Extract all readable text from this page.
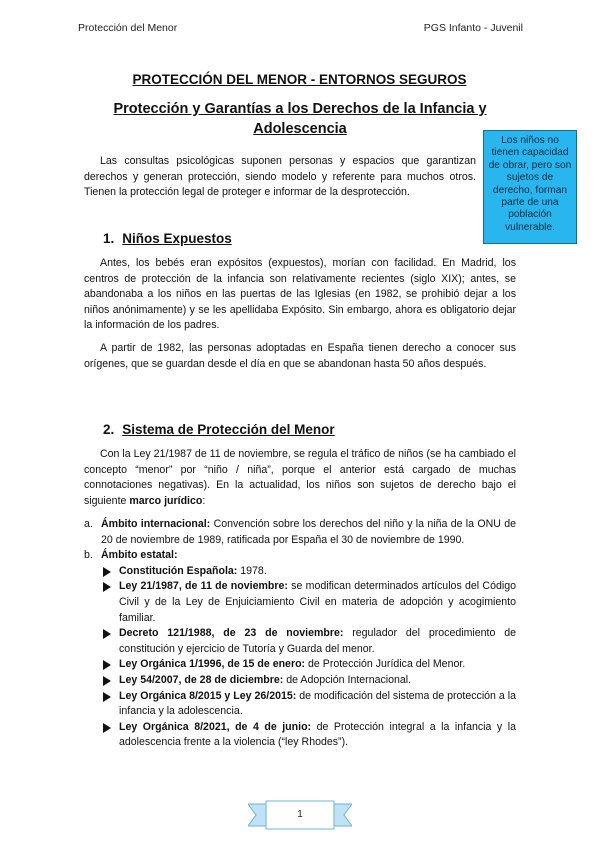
Protección del Menor	PGS Infanto - Juvenil
PROTECCIÓN DEL MENOR - ENTORNOS SEGUROS
Protección y Garantías a los Derechos de la Infancia y Adolescencia
Los niños no tienen capacidad de obrar, pero son sujetos de derecho, forman parte de una población vulnerable.
Las consultas psicológicas suponen personas y espacios que garantizan derechos y generan protección, siendo modelo y referente para muchos otros. Tienen la protección legal de proteger e informar de la desprotección.
1. Niños Expuestos
Antes, los bebés eran expósitos (expuestos), morían con facilidad. En Madrid, los centros de protección de la infancia son relativamente recientes (siglo XIX); antes, se abandonaba a los niños en las puertas de las Iglesias (en 1982, se prohibió dejar a los niños anónimamente) y se les apellidaba Expósito. Sin embargo, ahora es obligatorio dejar la información de los padres.
A partir de 1982, las personas adoptadas en España tienen derecho a conocer sus orígenes, que se guardan desde el día en que se abandonan hasta 50 años después.
2. Sistema de Protección del Menor
Con la Ley 21/1987 de 11 de noviembre, se regula el tráfico de niños (se ha cambiado el concepto “menor” por “niño / niña”, porque el anterior está cargado de muchas connotaciones negativas). En la actualidad, los niños son sujetos de derecho bajo el siguiente marco jurídico:
a. Ámbito internacional: Convención sobre los derechos del niño y la niña de la ONU de 20 de noviembre de 1989, ratificada por España el 30 de noviembre de 1990.
b. Ámbito estatal:
Constitución Española: 1978.
Ley 21/1987, de 11 de noviembre: se modifican determinados artículos del Código Civil y de la Ley de Enjuiciamiento Civil en materia de adopción y acogimiento familiar.
Decreto 121/1988, de 23 de noviembre: regulador del procedimiento de constitución y ejercicio de Tutoría y Guarda del menor.
Ley Orgánica 1/1996, de 15 de enero: de Protección Jurídica del Menor.
Ley 54/2007, de 28 de diciembre: de Adopción Internacional.
Ley Orgánica 8/2015 y Ley 26/2015: de modificación del sistema de protección a la infancia y la adolescencia.
Ley Orgánica 8/2021, de 4 de junio: de Protección integral a la infancia y la adolescencia frente a la violencia (“ley Rhodes”).
1
